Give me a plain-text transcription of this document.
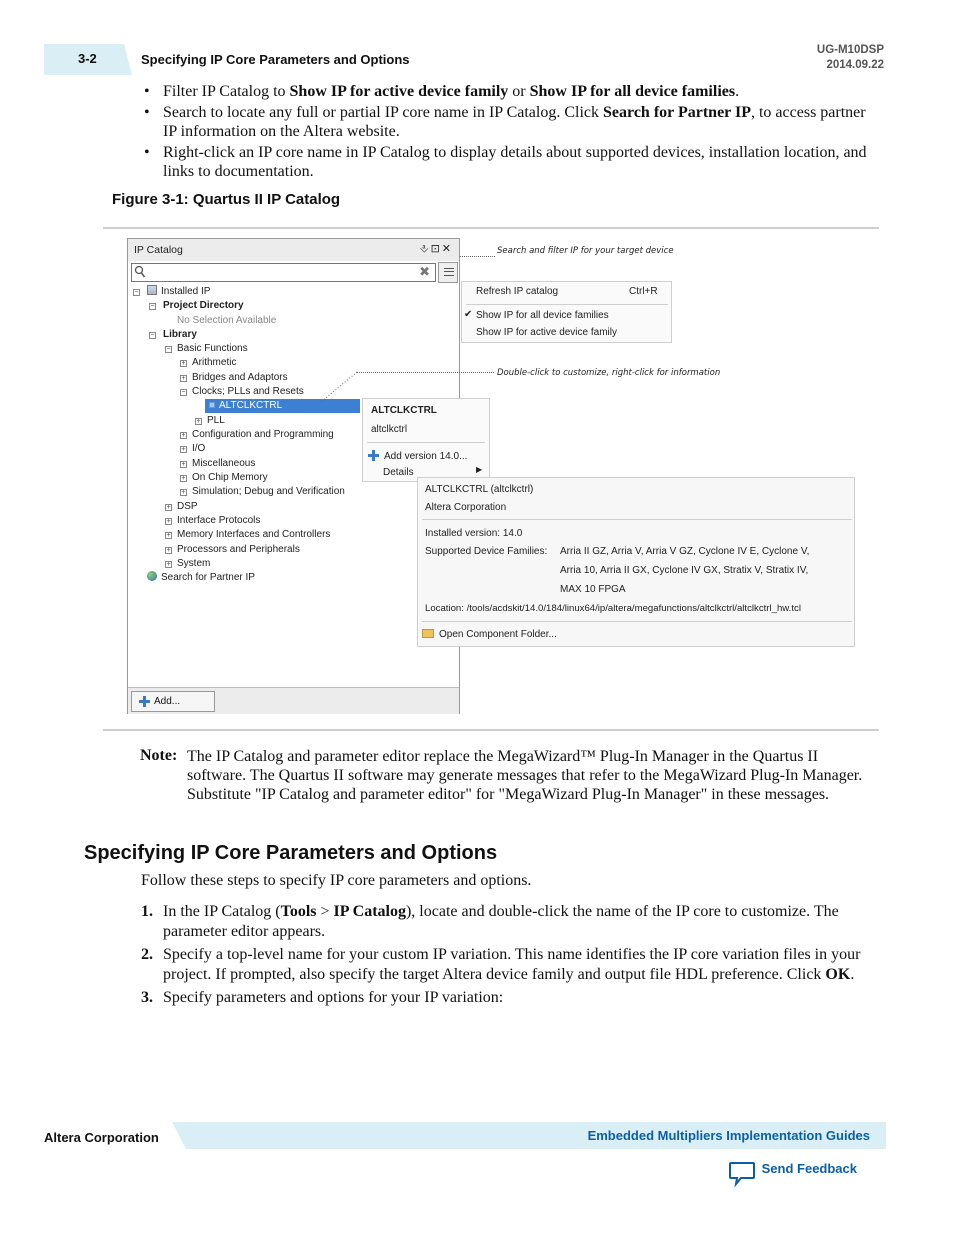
3-2	Specifying IP Core Parameters and Options
UG-M10DSP
2014.09.22
• Filter IP Catalog to Show IP for active device family or Show IP for all device families.
• Search to locate any full or partial IP core name in IP Catalog. Click Search for Partner IP, to access partner IP information on the Altera website.
• Right-click an IP core name in IP Catalog to display details about supported devices, installation location, and links to documentation.
Figure 3-1: Quartus II IP Catalog
IP Catalog	⎀⊡✕
✖
−	Installed IP
− Project Directory
No Selection Available
− Library
− Basic Functions
+ Arithmetic
+ Bridges and Adaptors
− Clocks; PLLs and Resets
ALTCLKCTRL
+ PLL
+ Configuration and Programming
+ I/O
+ Miscellaneous
+ On Chip Memory
+ Simulation; Debug and Verification
+ DSP
+ Interface Protocols
+ Memory Interfaces and Controllers
+ Processors and Peripherals
+ System
Search for Partner IP
Add...
Refresh IP catalog	Ctrl+R
✔ Show IP for all device families
Show IP for active device family
ALTCLKCTRL
altclkctrl
Add version 14.0...
Details	▶
ALTCLKCTRL (altclkctrl)
Altera Corporation
Installed version: 14.0
Supported Device Families: Arria II GZ, Arria V, Arria V GZ, Cyclone IV E, Cyclone V,
Arria 10, Arria II GX, Cyclone IV GX, Stratix V, Stratix IV,
MAX 10 FPGA
Location: /tools/acdskit/14.0/184/linux64/ip/altera/megafunctions/altclkctrl/altclkctrl_hw.tcl
Open Component Folder...
Search and filter IP for your target device
Double-click to customize, right-click for information
Note: The IP Catalog and parameter editor replace the MegaWizard™ Plug-In Manager in the Quartus II software. The Quartus II software may generate messages that refer to the MegaWizard Plug-In Manager. Substitute "IP Catalog and parameter editor" for "MegaWizard Plug-In Manager" in these messages.
Specifying IP Core Parameters and Options
Follow these steps to specify IP core parameters and options.
1. In the IP Catalog (Tools > IP Catalog), locate and double-click the name of the IP core to customize. The parameter editor appears.
2. Specify a top-level name for your custom IP variation. This name identifies the IP core variation files in your project. If prompted, also specify the target Altera device family and output file HDL preference. Click OK.
3. Specify parameters and options for your IP variation:
Altera Corporation	Embedded Multipliers Implementation Guides
Send Feedback
